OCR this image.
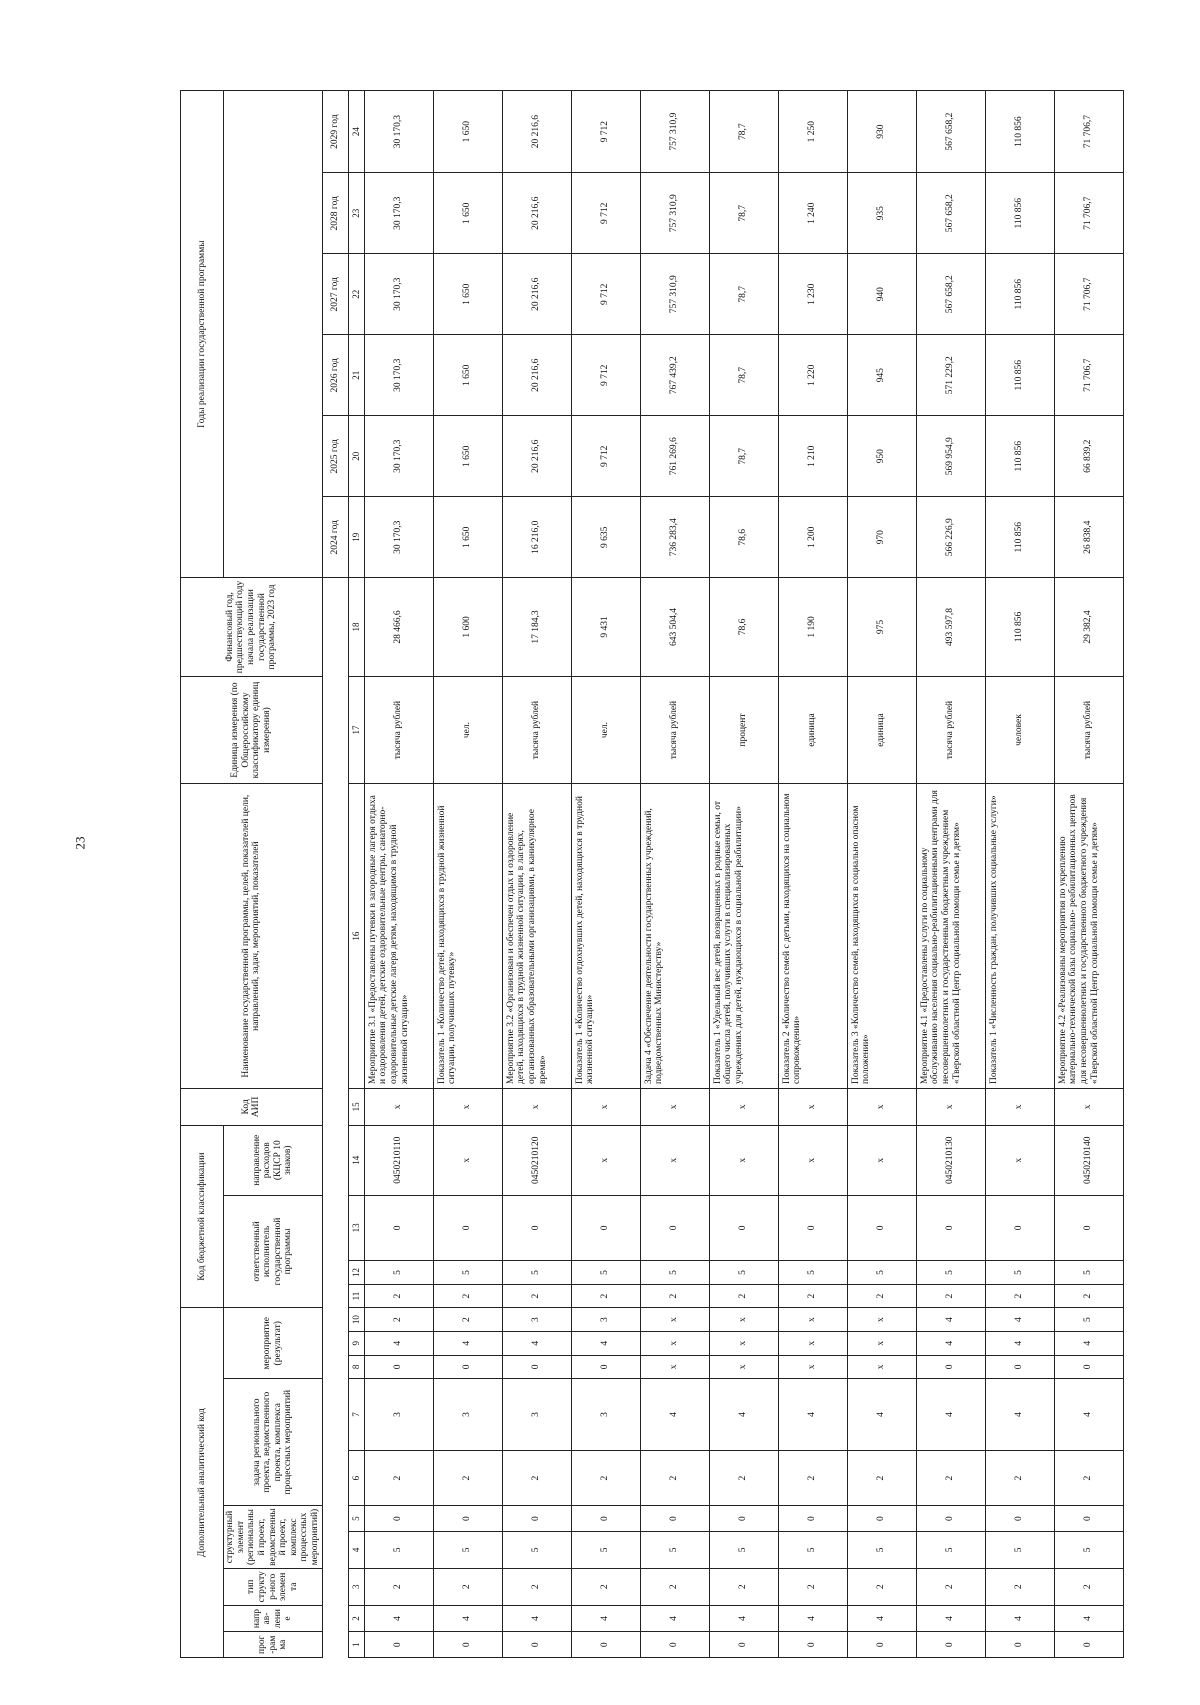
23
Дополнительный аналитический код										Код бюджетной классификации				Код АИП	Наименование государственной программы, целей, показателей цели, направлений, задач, мероприятий, показателей	Единица измерения (по Общероссийскому классификатору единиц измерения)	Финансовый год, предшествующий году начала реализации государственной программы, 2023 год	Годы реализации государственной программы					
прог-рамма	направ-ление	тип структур-ного элемента	структурный элемент (региональный проект, ведомственный проект, комплекс процессных мероприятий)		задача регионального проекта, ведомственного проекта, комплекса процессных мероприятий		мероприятие (результат)			ответственный исполнитель государственной программы			направление расходов (КЦСР 10 знаков)										

																		2024 год	2025 год	2026 год	2027 год	2028 год	2029 год
1	2	3	4	5	6	7	8	9	10	11	12	13	14	15	16	17	18	19	20	21	22	23	24
0	4	2	5	0	2	3	0	4	2	2	5	0	0450210110	х	Мероприятие 3.1 «Предоставлены путевки в загородные лагеря отдыха и оздоровления детей, детские оздоровительные центры, санаторно-оздоровительные детские лагеря детям, находящимся в трудной жизненной ситуации»	тысяча рублей	28 466,6	30 170,3	30 170,3	30 170,3	30 170,3	30 170,3	30 170,3
0	4	2	5	0	2	3	0	4	2	2	5	0	х	х	Показатель 1 «Количество детей, находящихся в трудной жизненной ситуации, получивших путевку»	чел.	1 600	1 650	1 650	1 650	1 650	1 650	1 650
0	4	2	5	0	2	3	0	4	3	2	5	0	0450210120	х	Мероприятие 3.2 «Организован и обеспечен отдых и оздоровление детей, находящихся в трудной жизненной ситуации, в лагерях, организованных образовательными организациями, в каникулярное время»	тысяча рублей	17 184,3	16 216,0	20 216,6	20 216,6	20 216,6	20 216,6	20 216,6
0	4	2	5	0	2	3	0	4	3	2	5	0	х	х	Показатель 1 «Количество отдохнувших детей, находящихся в трудной жизненной ситуации»	чел.	9 431	9 635	9 712	9 712	9 712	9 712	9 712
0	4	2	5	0	2	4	х	х	х	2	5	0	х	х	Задача 4 «Обеспечение деятельности государственных учреждений, подведомственных Министерству»	тысяча рублей	643 504,4	736 283,4	761 269,6	767 439,2	757 310,9	757 310,9	757 310,9
0	4	2	5	0	2	4	х	х	х	2	5	0	х	х	Показатель 1 «Удельный вес детей, возвращенных в родные семьи, от общего числа детей, получивших услуги в специализированных учреждениях для детей, нуждающихся в социальной реабилитации»	процент	78,6	78,6	78,7	78,7	78,7	78,7	78,7
0	4	2	5	0	2	4	х	х	х	2	5	0	х	х	Показатель 2 «Количество семей с детьми, находящихся на социальном сопровождении»	единица	1 190	1 200	1 210	1 220	1 230	1 240	1 250
0	4	2	5	0	2	4	х	х	х	2	5	0	х	х	Показатель 3 «Количество семей, находящихся в социально опасном положении»	единица	975	970	950	945	940	935	930
0	4	2	5	0	2	4	0	4	4	2	5	0	0450210130	х	Мероприятие 4.1 «Предоставлены услуги по социальному обслуживанию населения социально-реабилитационными центрами для несовершеннолетних и государственным бюджетным учреждением «Тверской областной Центр социальной помощи семье и детям»	тысяча рублей	493 597,8	566 226,9	569 954,9	571 229,2	567 658,2	567 658,2	567 658,2
0	4	2	5	0	2	4	0	4	4	2	5	0	х	х	Показатель 1 «Численность граждан, получивших социальные услуги»	человек	110 856	110 856	110 856	110 856	110 856	110 856	110 856
0	4	2	5	0	2	4	0	4	5	2	5	0	0450210140	х	Мероприятие 4.2 «Реализованы мероприятия по укреплению материально-технической базы социально- реабилитационных центров для несовершеннолетних и государственного бюджетного учреждения «Тверской областной Центр социальной помощи семье и детям»	тысяча рублей	29 382,4	26 838,4	66 839,2	71 706,7	71 706,7	71 706,7	71 706,7
